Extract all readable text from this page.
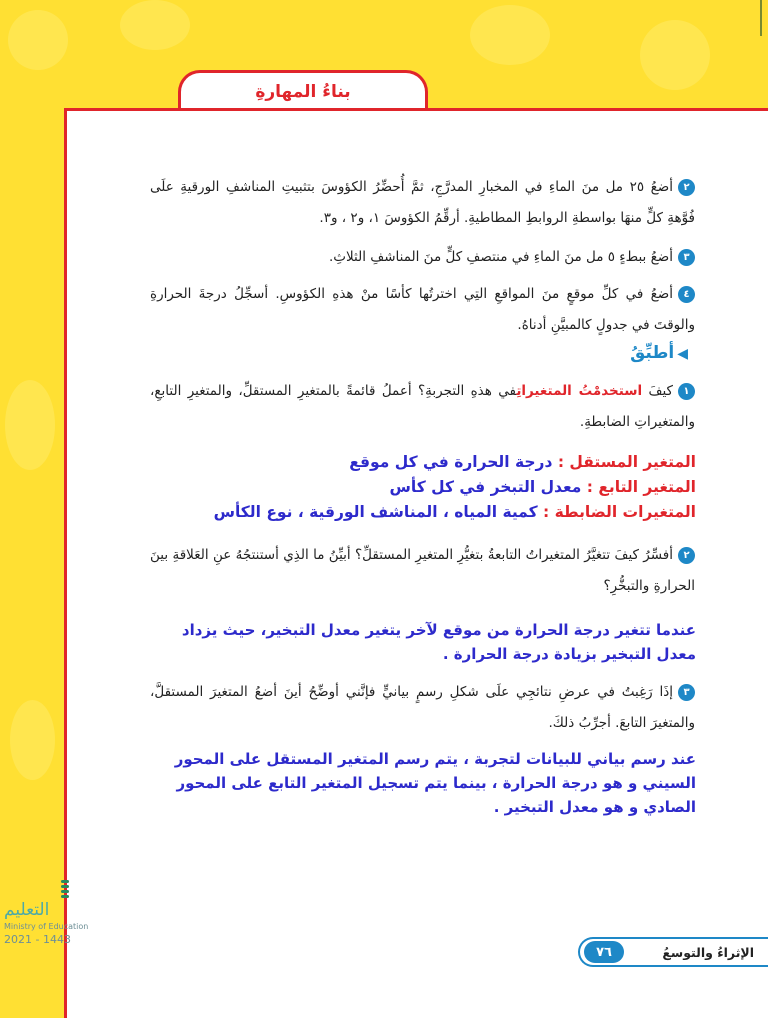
بناءُ المهارةِ
٢أضعُ ٢٥ مل منَ الماءِ في المخبارِ المدرَّجِ، ثمَّ أُحضِّرُ الكؤوسَ بتثبيتِ المناشفِ الورقيةِ علَى فُوَّهةِ كلٍّ منهَا بواسطةِ الروابطِ المطاطيةِ. أرقِّمُ الكؤوسَ ١، و٢ ، و٣.
٣أضعُ ببطءٍ ٥ مل منَ الماءِ في منتصفِ كلٍّ منَ المناشفِ الثلاثِ.
٤أضعُ في كلِّ موقعٍ منَ المواقعِ التِي اخترتُها كأسًا منْ هذهِ الكؤوسِ. أسجِّلُ درجةَ الحرارةِ والوقتَ في جدولٍ كالمبيَّنِ أدناهُ.
◀أطبِّقُ
١كيفَ استخدمْتُ المتغيراتِفي هذهِ التجربةِ؟ أعملُ قائمةً بالمتغيرِ المستقلِّ، والمتغيرِ التابعِ، والمتغيراتِ الضابطةِ.
المتغير المستقل : درجة الحرارة في كل موقع
المتغير التابع : معدل التبخر في كل كأس
المتغيرات الضابطة : كمية المياه ، المناشف الورقية ، نوع الكأس
٢أفسِّرُ كيفَ تتغيَّرُ المتغيراتُ التابعةُ بتغيُّرِ المتغيرِ المستقلِّ؟ أبيِّنُ ما الذِي أستنتجُهُ عنِ العَلاقةِ بينَ الحرارةِ والتبخُّرِ؟
عندما تتغير درجة الحرارة من موقع لآخر يتغير معدل التبخير، حيث يزداد معدل التبخير بزيادة درجة الحرارة .
٣إذَا رَغِبتُ في عرضِ نتائجِي علَى شكلِ رسمٍ بيانيٍّ فإنَّني أوضِّحُ أينَ أضعُ المتغيرَ المستقلَّ، والمتغيرَ التابعَ. أجرِّبُ ذلكَ.
عند رسم بياني للبيانات لتجربة ، يتم رسم المتغير المستقل على المحور السيني و هو درجة الحرارة ، بينما يتم تسجيل المتغير التابع على المحور الصادي و هو معدل التبخير .
التعليم
Ministry of Education
2021 - 1443
الإثراءُ والتوسعُ
٧٦
